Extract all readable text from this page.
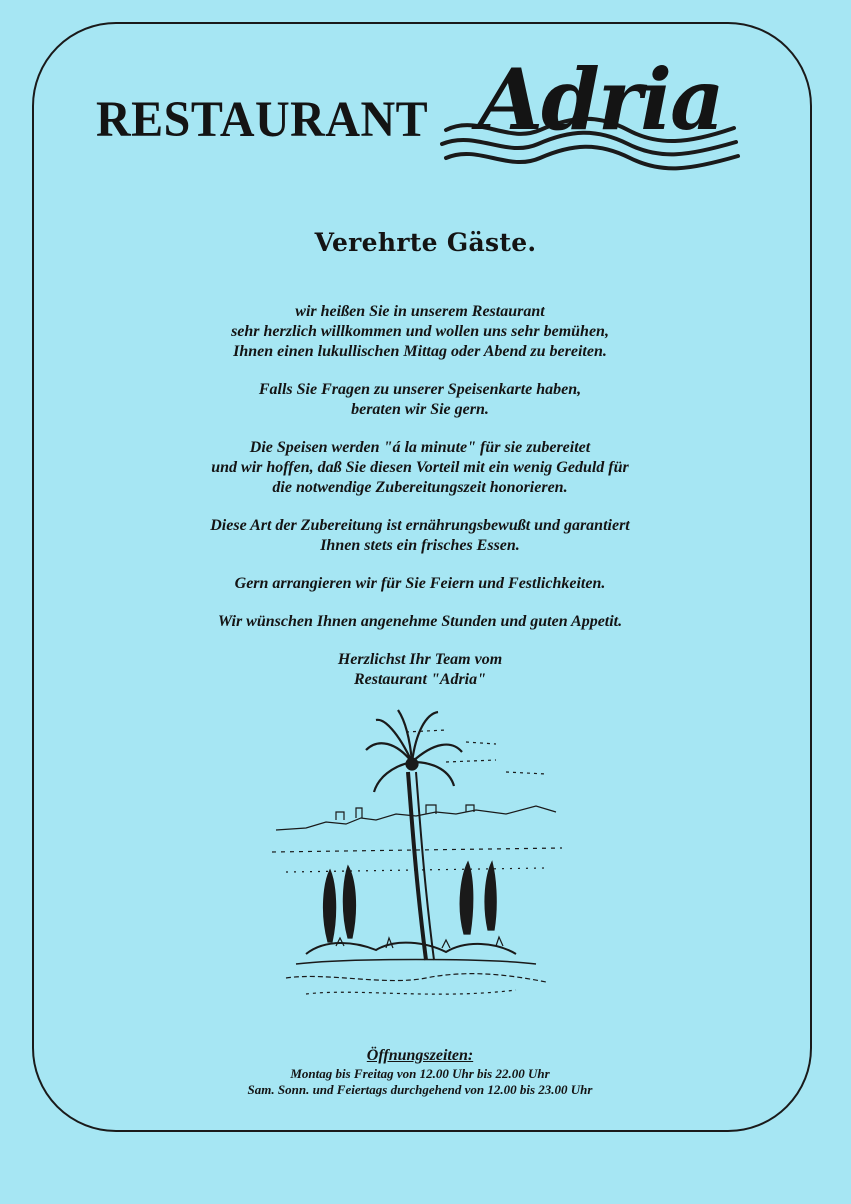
RESTAURANT Adria
Verehrte Gäste.

wir heißen Sie in unserem Restaurant
sehr herzlich willkommen und wollen uns sehr bemühen,
Ihnen einen lukullischen Mittag oder Abend zu bereiten.

Falls Sie Fragen zu unserer Speisenkarte haben,
beraten wir Sie gern.

Die Speisen werden "á la minute" für sie zubereitet
und wir hoffen, daß Sie diesen Vorteil mit ein wenig Geduld für
die notwendige Zubereitungszeit honorieren.

Diese Art der Zubereitung ist ernährungsbewußt und garantiert
Ihnen stets ein frisches Essen.

Gern arrangieren wir für Sie Feiern und Festlichkeiten.

Wir wünschen Ihnen angenehme Stunden und guten Appetit.

Herzlichst Ihr Team vom
Restaurant "Adria"
Öffnungszeiten:
Montag bis Freitag von 12.00 Uhr bis 22.00 Uhr
Sam. Sonn. und Feiertags durchgehend von 12.00 bis 23.00 Uhr
